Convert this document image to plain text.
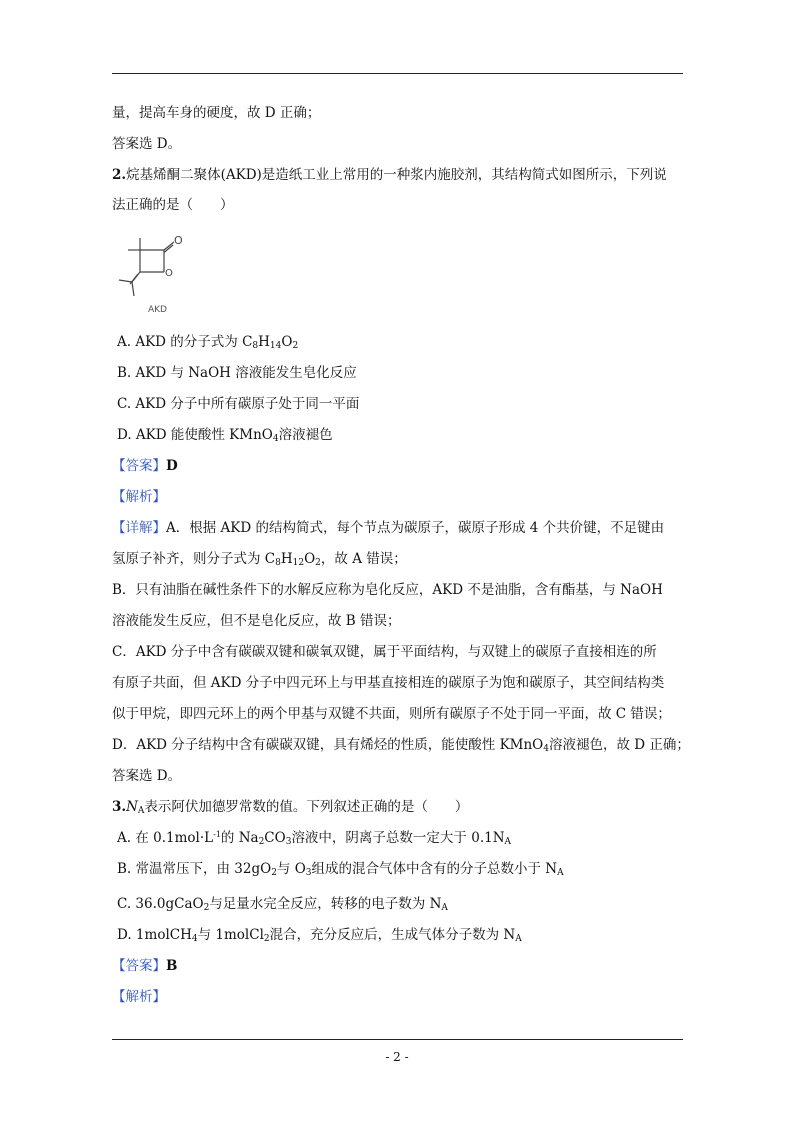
量，提高车身的硬度，故 D 正确；
答案选 D。
2.烷基烯酮二聚体(AKD)是造纸工业上常用的一种浆内施胶剂，其结构简式如图所示，下列说
法正确的是（　　）
O
O
AKD
A. AKD 的分子式为 $C_8H_{14}O_2$
B. AKD 与 NaOH 溶液能发生皂化反应
C. AKD 分子中所有碳原子处于同一平面
D. AKD 能使酸性 KMnO$_4$溶液褪色
【答案】D
【解析】
【详解】A．根据 AKD 的结构简式，每个节点为碳原子，碳原子形成 4 个共价键，不足键由
氢原子补齐，则分子式为 $C_8H_{12}O_2$，故 A 错误；
B．只有油脂在碱性条件下的水解反应称为皂化反应，AKD 不是油脂，含有酯基，与 NaOH
溶液能发生反应，但不是皂化反应，故 B 错误；
C．AKD 分子中含有碳碳双键和碳氧双键，属于平面结构，与双键上的碳原子直接相连的所
有原子共面，但 AKD 分子中四元环上与甲基直接相连的碳原子为饱和碳原子，其空间结构类
似于甲烷，即四元环上的两个甲基与双键不共面，则所有碳原子不处于同一平面，故 C 错误；
D．AKD 分子结构中含有碳碳双键，具有烯烃的性质，能使酸性 KMnO$_4$溶液褪色，故 D 正确；
答案选 D。
$3.N_A$表示阿伏加德罗常数的值。下列叙述正确的是（　　）
A. 在 $0.1mol\cdot L^{-1}$的 $Na_2CO_3$溶液中，阴离子总数一定大于 $0.1N_A$
B. 常温常压下，由 $32gO_2$与 $O_3$组成的混合气体中含有的分子总数小于 $N_A$
C. 36.0gCaO$_2$与足量水完全反应，转移的电子数为 $N_A$
D. 1molCH$_4$与 1molCl$_2$混合，充分反应后，生成气体分子数为 $N_A$
【答案】B
【解析】
- 2 -
